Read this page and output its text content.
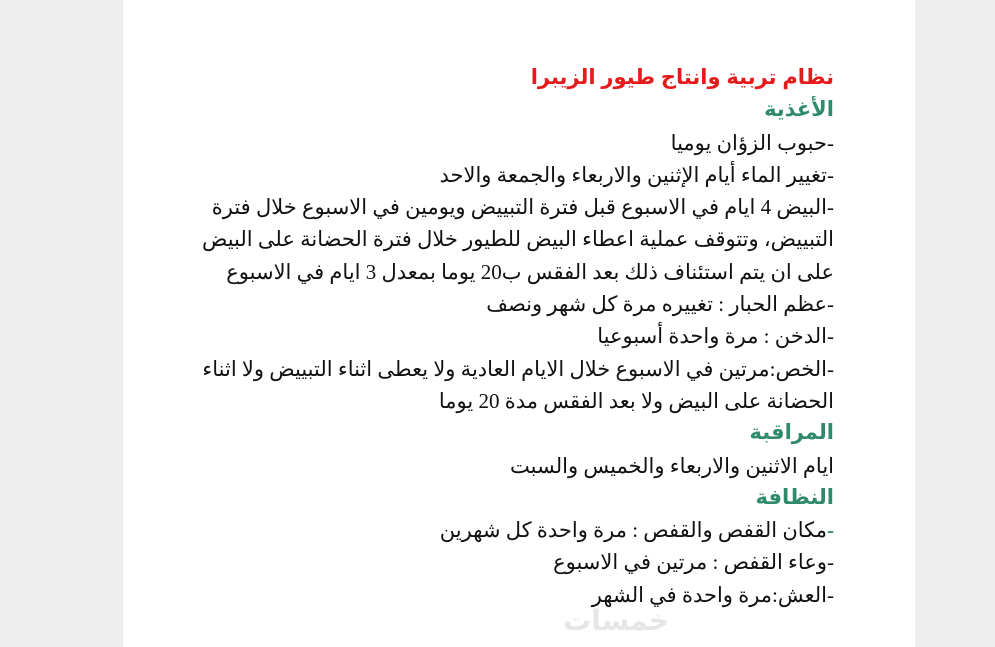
نظام تربية وانتاج طيور الزيبرا
الأغذية
-حبوب الزؤان يوميا
-تغيير الماء أيام الإثنين والاربعاء والجمعة والاحد
-البيض 4 ايام في الاسبوع قبل فترة التبييض ويومين في الاسبوع خلال فترة التبييض، وتتوقف عملية اعطاء البيض للطيور خلال فترة الحضانة على البيض على ان يتم استئناف ذلك بعد الفقس ب20 يوما بمعدل 3 ايام في الاسبوع
-عظم الحبار : تغييره مرة كل شهر ونصف
-الدخن : مرة واحدة أسبوعيا
-الخص:مرتين في الاسبوع خلال الايام العادية ولا يعطى اثناء التبييض ولا اثناء الحضانة على البيض ولا بعد الفقس مدة 20 يوما
المراقبة
ايام الاثنين والاربعاء والخميس والسبت
النظافة
-مكان القفص والقفص : مرة واحدة كل شهرين
-وعاء القفص : مرتين في الاسبوع
-العش:مرة واحدة في الشهر
خمسات
